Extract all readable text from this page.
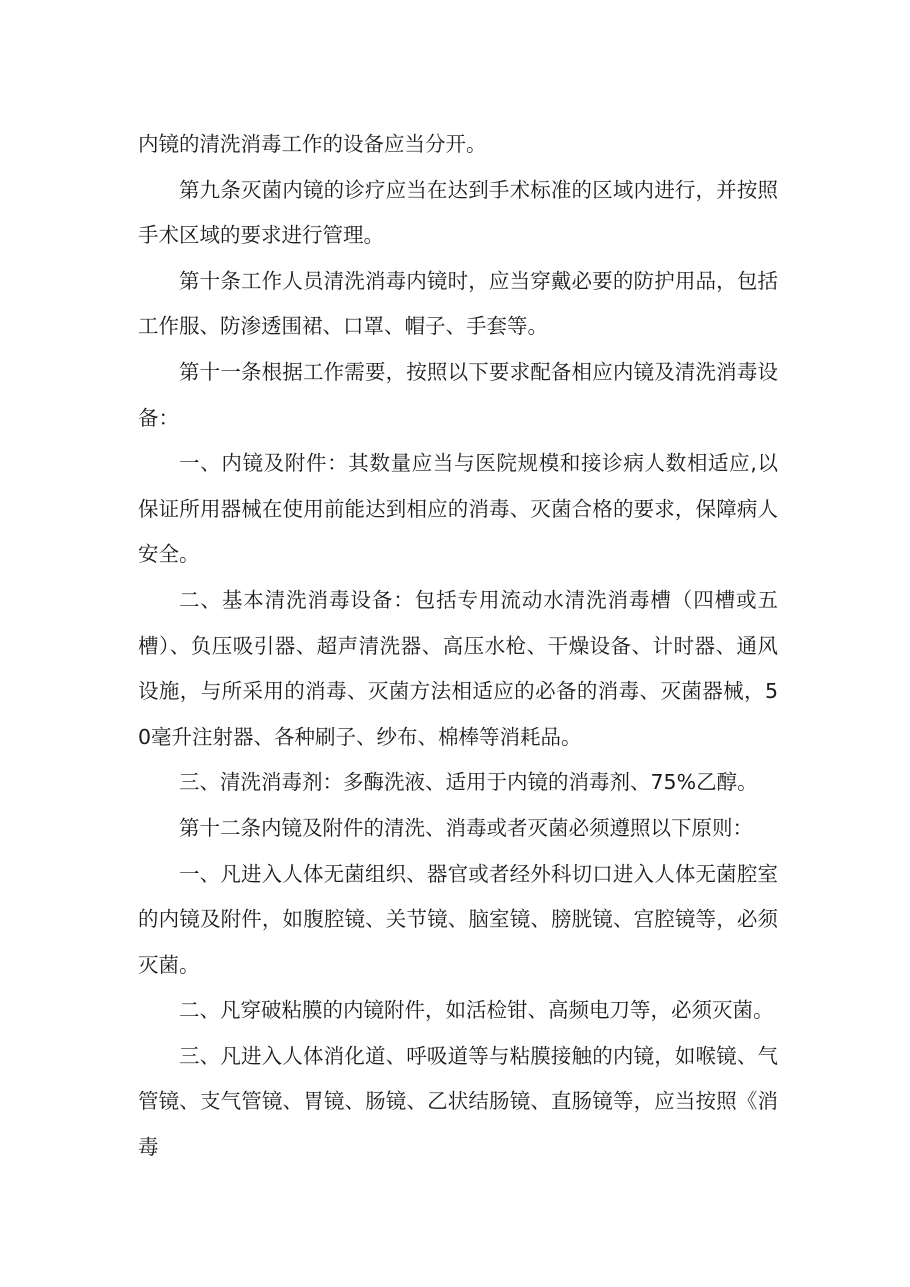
内镜的清洗消毒工作的设备应当分开。

第九条灭菌内镜的诊疗应当在达到手术标准的区域内进行，并按照手术区域的要求进行管理。

第十条工作人员清洗消毒内镜时，应当穿戴必要的防护用品，包括工作服、防渗透围裙、口罩、帽子、手套等。

第十一条根据工作需要，按照以下要求配备相应内镜及清洗消毒设备：

一、内镜及附件：其数量应当与医院规模和接诊病人数相适应,以保证所用器械在使用前能达到相应的消毒、灭菌合格的要求，保障病人安全。

二、基本清洗消毒设备：包括专用流动水清洗消毒槽（四槽或五槽）、负压吸引器、超声清洗器、高压水枪、干燥设备、计时器、通风设施，与所采用的消毒、灭菌方法相适应的必备的消毒、灭菌器械，50毫升注射器、各种刷子、纱布、棉棒等消耗品。

三、清洗消毒剂：多酶洗液、适用于内镜的消毒剂、75%乙醇。

第十二条内镜及附件的清洗、消毒或者灭菌必须遵照以下原则：

一、凡进入人体无菌组织、器官或者经外科切口进入人体无菌腔室的内镜及附件，如腹腔镜、关节镜、脑室镜、膀胱镜、宫腔镜等，必须灭菌。

二、凡穿破粘膜的内镜附件，如活检钳、高频电刀等，必须灭菌。

三、凡进入人体消化道、呼吸道等与粘膜接触的内镜，如喉镜、气管镜、支气管镜、胃镜、肠镜、乙状结肠镜、直肠镜等，应当按照《消毒
